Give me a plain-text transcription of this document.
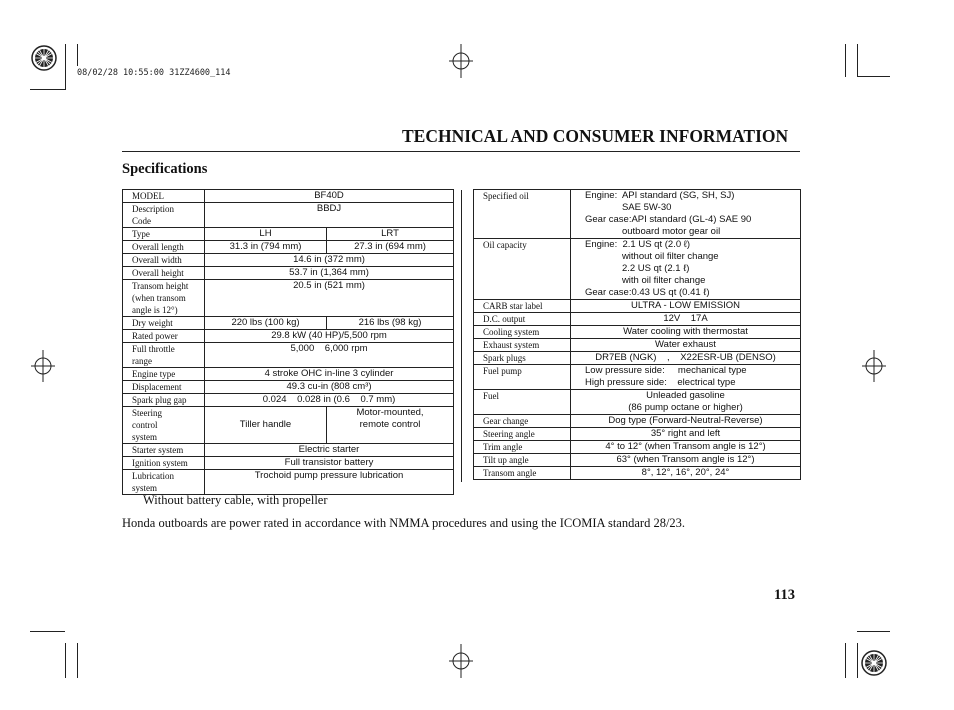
08/02/28 10:55:00 31ZZ4600_114
TECHNICAL AND CONSUMER INFORMATION
Specifications
MODEL	BF40D	
Description
Code	BBDJ	
Type	LH	LRT
Overall length	31.3 in (794 mm)	27.3 in (694 mm)
Overall width	14.6 in (372 mm)	
Overall height	53.7 in (1,364 mm)	
Transom height
(when transom
angle is 12°)	20.5 in (521 mm)	
Dry weight	220 lbs (100 kg)	216 lbs (98 kg)
Rated power	29.8 kW (40 HP)/5,500 rpm	
Full throttle
range	5,000    6,000 rpm	
Engine type	4 stroke OHC in-line 3 cylinder	
Displacement	49.3 cu-in (808 cm³)	
Spark plug gap	0.024    0.028 in (0.6    0.7 mm)	
Steering
control
system	Tiller handle	Motor-mounted,
remote control
Starter system	Electric starter	
Ignition system	Full transistor battery	
Lubrication
system	Trochoid pump pressure lubrication	
Specified oil	Engine:  API standard (SG, SH, SJ)
SAE 5W-30
Gear case:API standard (GL-4) SAE 90
outboard motor gear oil
Oil capacity	Engine:  2.1 US qt (2.0 ℓ)
without oil filter change
2.2 US qt (2.1 ℓ)
with oil filter change
Gear case:0.43 US qt (0.41 ℓ)
CARB star label	ULTRA - LOW EMISSION
D.C. output	12V    17A
Cooling system	Water cooling with thermostat
Exhaust system	Water exhaust
Spark plugs	DR7EB (NGK)    ,    X22ESR-UB (DENSO)
Fuel pump	Low pressure side:     mechanical type
High pressure side:    electrical type
Fuel	Unleaded gasoline
(86 pump octane or higher)
Gear change	Dog type (Forward-Neutral-Reverse)
Steering angle	35° right and left
Trim angle	4° to 12° (when Transom angle is 12°)
Tilt up angle	63° (when Transom angle is 12°)
Transom angle	8°, 12°, 16°, 20°, 24°
Without battery cable, with propeller
Honda outboards are power rated in accordance with NMMA procedures and using the ICOMIA standard 28/23.
113
